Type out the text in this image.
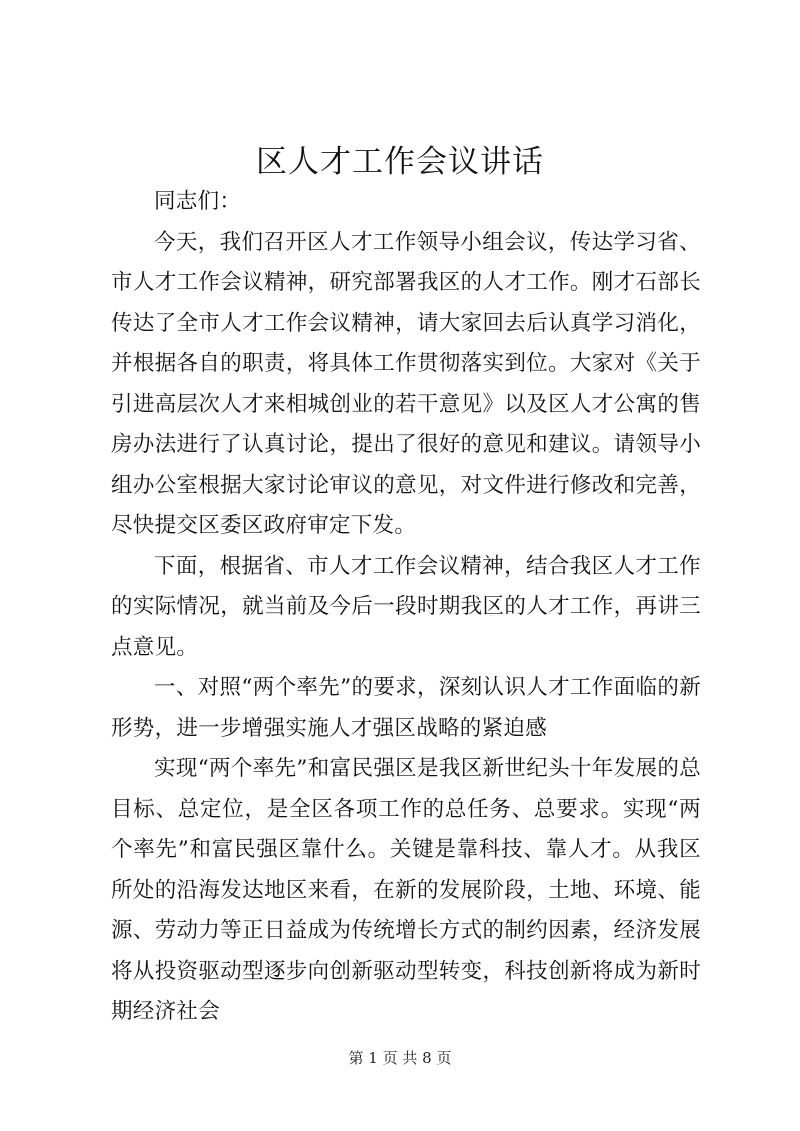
区人才工作会议讲话

同志们：

今天，我们召开区人才工作领导小组会议，传达学习省、市人才工作会议精神，研究部署我区的人才工作。刚才石部长传达了全市人才工作会议精神，请大家回去后认真学习消化，并根据各自的职责，将具体工作贯彻落实到位。大家对《关于引进高层次人才来相城创业的若干意见》以及区人才公寓的售房办法进行了认真讨论，提出了很好的意见和建议。请领导小组办公室根据大家讨论审议的意见，对文件进行修改和完善，尽快提交区委区政府审定下发。

下面，根据省、市人才工作会议精神，结合我区人才工作的实际情况，就当前及今后一段时期我区的人才工作，再讲三点意见。

一、对照“两个率先”的要求，深刻认识人才工作面临的新形势，进一步增强实施人才强区战略的紧迫感

实现“两个率先”和富民强区是我区新世纪头十年发展的总目标、总定位，是全区各项工作的总任务、总要求。实现“两个率先”和富民强区靠什么。关键是靠科技、靠人才。从我区所处的沿海发达地区来看，在新的发展阶段，土地、环境、能源、劳动力等正日益成为传统增长方式的制约因素，经济发展将从投资驱动型逐步向创新驱动型转变，科技创新将成为新时期经济社会

第 1 页 共 8 页
